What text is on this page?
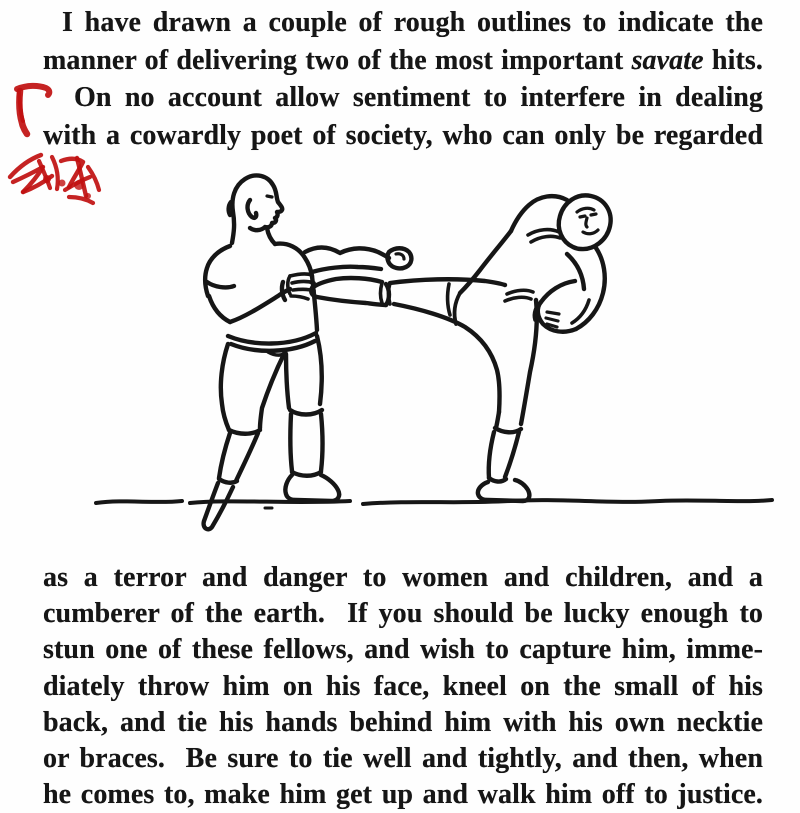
I have drawn a couple of rough outlines to indicate the
manner of delivering two of the most important savate hits.
On no account allow sentiment to interfere in dealing
with a cowardly poet of society, who can only be regarded
as a terror and danger to women and children, and a
cumberer of the earth.  If you should be lucky enough to
stun one of these fellows, and wish to capture him, imme-
diately throw him on his face, kneel on the small of his
back, and tie his hands behind him with his own necktie
or braces.  Be sure to tie well and tightly, and then, when
he comes to, make him get up and walk him off to justice.
